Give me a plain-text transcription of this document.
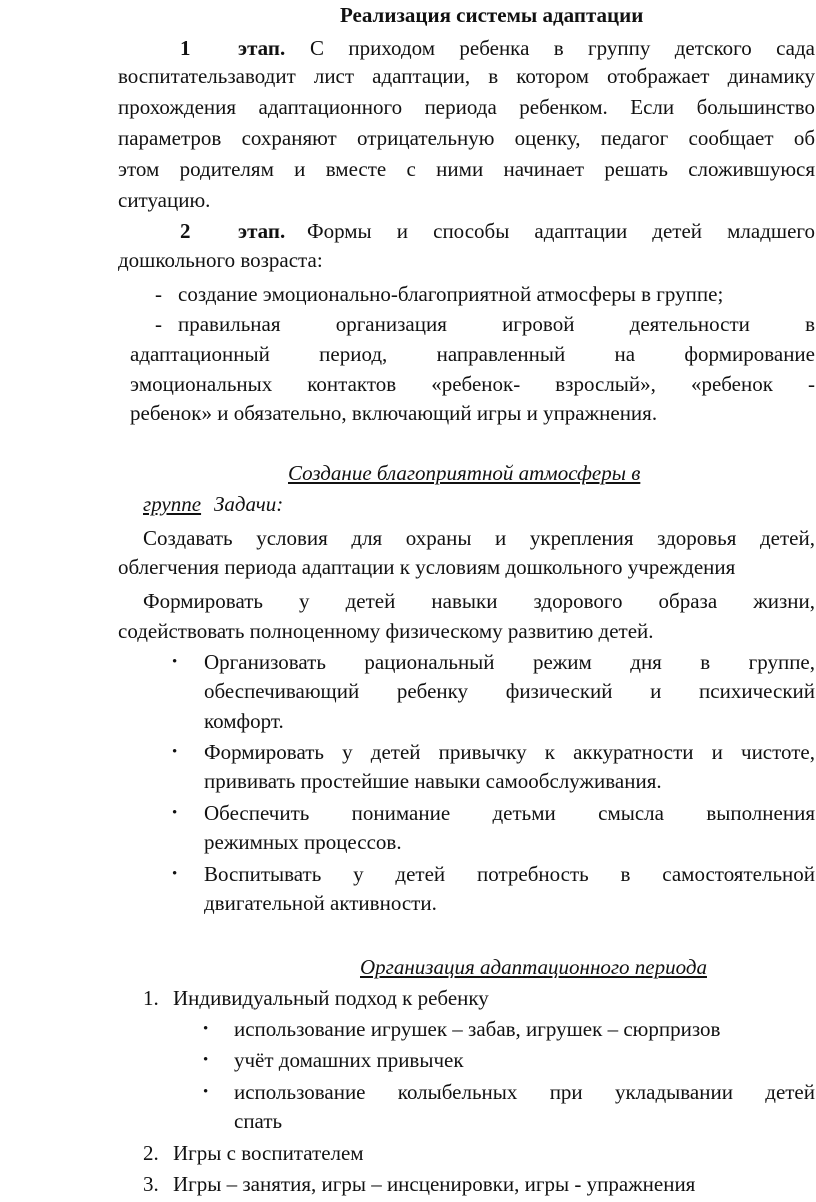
Реализация системы адаптации
1 этап. С приходом ребенка в группу детского сада
воспитательзаводит лист адаптации, в котором отображает динамику
прохождения адаптационного периода ребенком. Если большинство
параметров сохраняют отрицательную оценку, педагог сообщает об
этом родителям и вместе с ними начинает решать сложившуюся
ситуацию.
2 этап. Формы и способы адаптации детей младшего
дошкольного возраста:
- создание эмоционально-благоприятной атмосферы в группе;
- правильная организация игровой деятельности в
адаптационный период, направленный на формирование
эмоциональных контактов «ребенок- взрослый», «ребенок -
ребенок» и обязательно, включающий игры и упражнения.
Создание благоприятной атмосферы в
группе Задачи:
Создавать условия для охраны и укрепления здоровья детей,
облегчения периода адаптации к условиям дошкольного учреждения
Формировать у детей навыки здорового образа жизни,
содействовать полноценному физическому развитию детей.
• Организовать рациональный режим дня в группе,
обеспечивающий ребенку физический и психический
комфорт.
• Формировать у детей привычку к аккуратности и чистоте,
прививать простейшие навыки самообслуживания.
• Обеспечить понимание детьми смысла выполнения
режимных процессов.
• Воспитывать у детей потребность в самостоятельной
двигательной активности.
Организация адаптационного периода
1. Индивидуальный подход к ребенку
• использование игрушек – забав, игрушек – сюрпризов
• учёт домашних привычек
• использование колыбельных при укладывании детей
спать
2. Игры с воспитателем
3. Игры – занятия, игры – инсценировки, игры - упражнения
